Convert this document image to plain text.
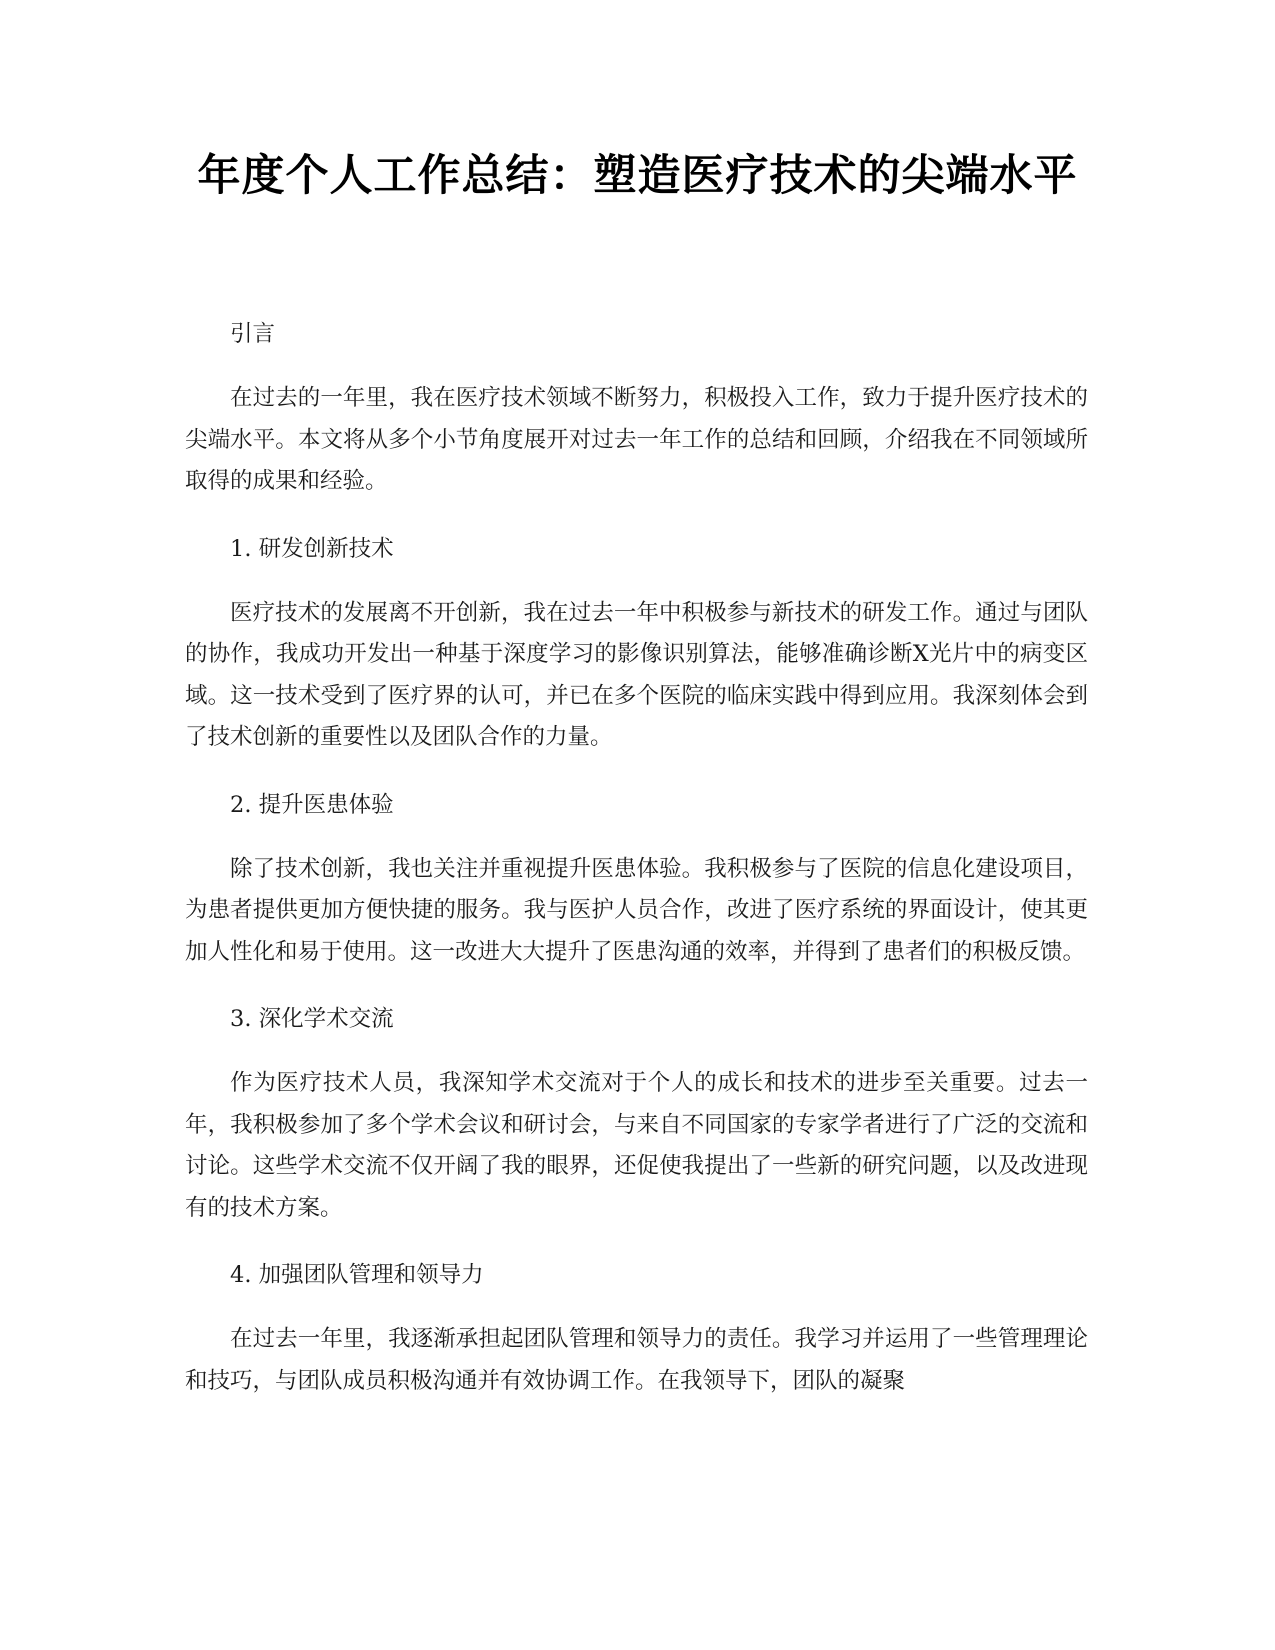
年度个人工作总结：塑造医疗技术的尖端水平

引言

在过去的一年里，我在医疗技术领域不断努力，积极投入工作，致力于提升医疗技术的尖端水平。本文将从多个小节角度展开对过去一年工作的总结和回顾，介绍我在不同领域所取得的成果和经验。

1. 研发创新技术

医疗技术的发展离不开创新，我在过去一年中积极参与新技术的研发工作。通过与团队的协作，我成功开发出一种基于深度学习的影像识别算法，能够准确诊断X光片中的病变区域。这一技术受到了医疗界的认可，并已在多个医院的临床实践中得到应用。我深刻体会到了技术创新的重要性以及团队合作的力量。

2. 提升医患体验

除了技术创新，我也关注并重视提升医患体验。我积极参与了医院的信息化建设项目，为患者提供更加方便快捷的服务。我与医护人员合作，改进了医疗系统的界面设计，使其更加人性化和易于使用。这一改进大大提升了医患沟通的效率，并得到了患者们的积极反馈。

3. 深化学术交流

作为医疗技术人员，我深知学术交流对于个人的成长和技术的进步至关重要。过去一年，我积极参加了多个学术会议和研讨会，与来自不同国家的专家学者进行了广泛的交流和讨论。这些学术交流不仅开阔了我的眼界，还促使我提出了一些新的研究问题，以及改进现有的技术方案。

4. 加强团队管理和领导力

在过去一年里，我逐渐承担起团队管理和领导力的责任。我学习并运用了一些管理理论和技巧，与团队成员积极沟通并有效协调工作。在我领导下，团队的凝聚
